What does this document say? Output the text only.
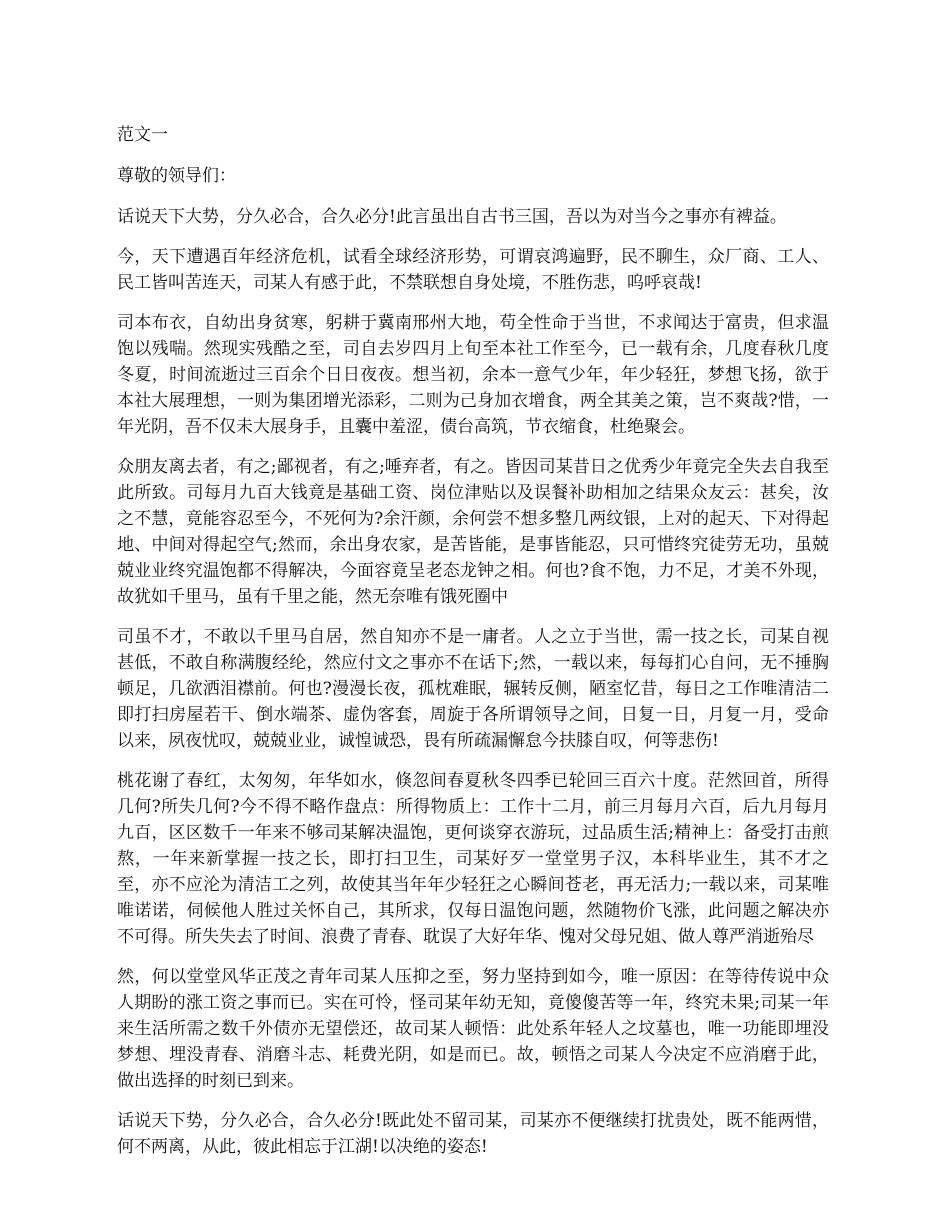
范文一
尊敬的领导们：
话说天下大势，分久必合，合久必分!此言虽出自古书三国，吾以为对当今之事亦有裨益。
今，天下遭遇百年经济危机，试看全球经济形势，可谓哀鸿遍野，民不聊生，众厂商、工人、民工皆叫苦连天，司某人有感于此，不禁联想自身处境，不胜伤悲，呜呼哀哉!
司本布衣，自幼出身贫寒，躬耕于冀南邢州大地，苟全性命于当世，不求闻达于富贵，但求温饱以残喘。然现实残酷之至，司自去岁四月上旬至本社工作至今，已一载有余，几度春秋几度冬夏，时间流逝过三百余个日日夜夜。想当初，余本一意气少年，年少轻狂，梦想飞扬，欲于本社大展理想，一则为集团增光添彩，二则为己身加衣增食，两全其美之策，岂不爽哉?惜，一年光阴，吾不仅未大展身手，且囊中羞涩，债台高筑，节衣缩食，杜绝聚会。
众朋友离去者，有之;鄙视者，有之;唾弃者，有之。皆因司某昔日之优秀少年竟完全失去自我至此所致。司每月九百大钱竟是基础工资、岗位津贴以及误餐补助相加之结果众友云：甚矣，汝之不慧，竟能容忍至今，不死何为?余汗颜，余何尝不想多整几两纹银，上对的起天、下对得起地、中间对得起空气;然而，余出身农家，是苦皆能，是事皆能忍，只可惜终究徒劳无功，虽兢兢业业终究温饱都不得解决，今面容竟呈老态龙钟之相。何也?食不饱，力不足，才美不外现，故犹如千里马，虽有千里之能，然无奈唯有饿死圈中
司虽不才，不敢以千里马自居，然自知亦不是一庸者。人之立于当世，需一技之长，司某自视甚低，不敢自称满腹经纶，然应付文之事亦不在话下;然，一载以来，每每扪心自问，无不捶胸顿足，几欲洒泪襟前。何也?漫漫长夜，孤枕难眠，辗转反侧，陋室忆昔，每日之工作唯清洁二即打扫房屋若干、倒水端茶、虚伪客套，周旋于各所谓领导之间，日复一日，月复一月，受命以来，夙夜忧叹，兢兢业业，诚惶诚恐，畏有所疏漏懈怠今扶膝自叹，何等悲伤!
桃花谢了春红，太匆匆，年华如水，倏忽间春夏秋冬四季已轮回三百六十度。茫然回首，所得几何?所失几何?今不得不略作盘点：所得物质上：工作十二月，前三月每月六百，后九月每月九百，区区数千一年来不够司某解决温饱，更何谈穿衣游玩，过品质生活;精神上：备受打击煎熬，一年来新掌握一技之长，即打扫卫生，司某好歹一堂堂男子汉，本科毕业生，其不才之至，亦不应沦为清洁工之列，故使其当年年少轻狂之心瞬间苍老，再无活力;一载以来，司某唯唯诺诺，伺候他人胜过关怀自己，其所求，仅每日温饱问题，然随物价飞涨，此问题之解决亦不可得。所失失去了时间、浪费了青春、耽误了大好年华、愧对父母兄姐、做人尊严消逝殆尽
然，何以堂堂风华正茂之青年司某人压抑之至，努力坚持到如今，唯一原因：在等待传说中众人期盼的涨工资之事而已。实在可怜，怪司某年幼无知，竟傻傻苦等一年，终究未果;司某一年来生活所需之数千外债亦无望偿还，故司某人顿悟：此处系年轻人之坟墓也，唯一功能即埋没梦想、埋没青春、消磨斗志、耗费光阴，如是而已。故，顿悟之司某人今决定不应消磨于此，做出选择的时刻已到来。
话说天下势，分久必合，合久必分!既此处不留司某，司某亦不便继续打扰贵处，既不能两惜，何不两离，从此，彼此相忘于江湖!以决绝的姿态!
